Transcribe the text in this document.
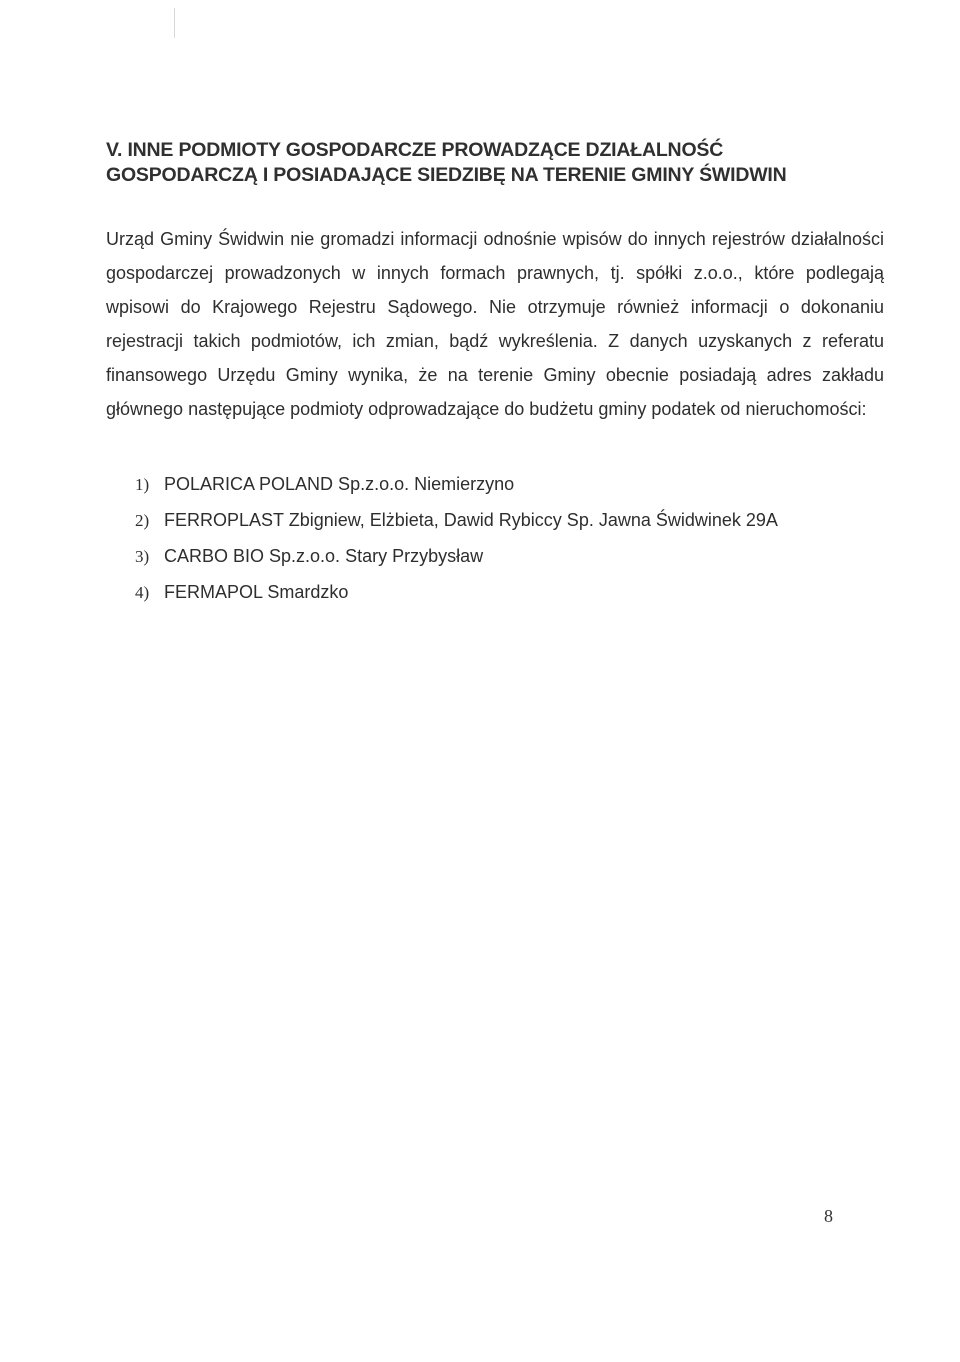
V. INNE PODMIOTY GOSPODARCZE PROWADZĄCE DZIAŁALNOŚĆ
GOSPODARCZĄ I POSIADAJĄCE SIEDZIBĘ NA TERENIE GMINY ŚWIDWIN

Urząd Gminy Świdwin nie gromadzi informacji odnośnie wpisów do innych rejestrów działalności gospodarczej prowadzonych w innych formach prawnych, tj. spółki z.o.o., które podlegają wpisowi do Krajowego Rejestru Sądowego. Nie otrzymuje również informacji o dokonaniu rejestracji takich podmiotów, ich zmian, bądź wykreślenia. Z danych uzyskanych z referatu finansowego Urzędu Gminy wynika, że na terenie Gminy obecnie posiadają adres zakładu głównego następujące podmioty odprowadzające do budżetu gminy podatek od nieruchomości:

1) POLARICA POLAND Sp.z.o.o. Niemierzyno
2) FERROPLAST Zbigniew, Elżbieta, Dawid Rybiccy Sp. Jawna Świdwinek 29A
3) CARBO BIO Sp.z.o.o. Stary Przybysław
4) FERMAPOL Smardzko
8
